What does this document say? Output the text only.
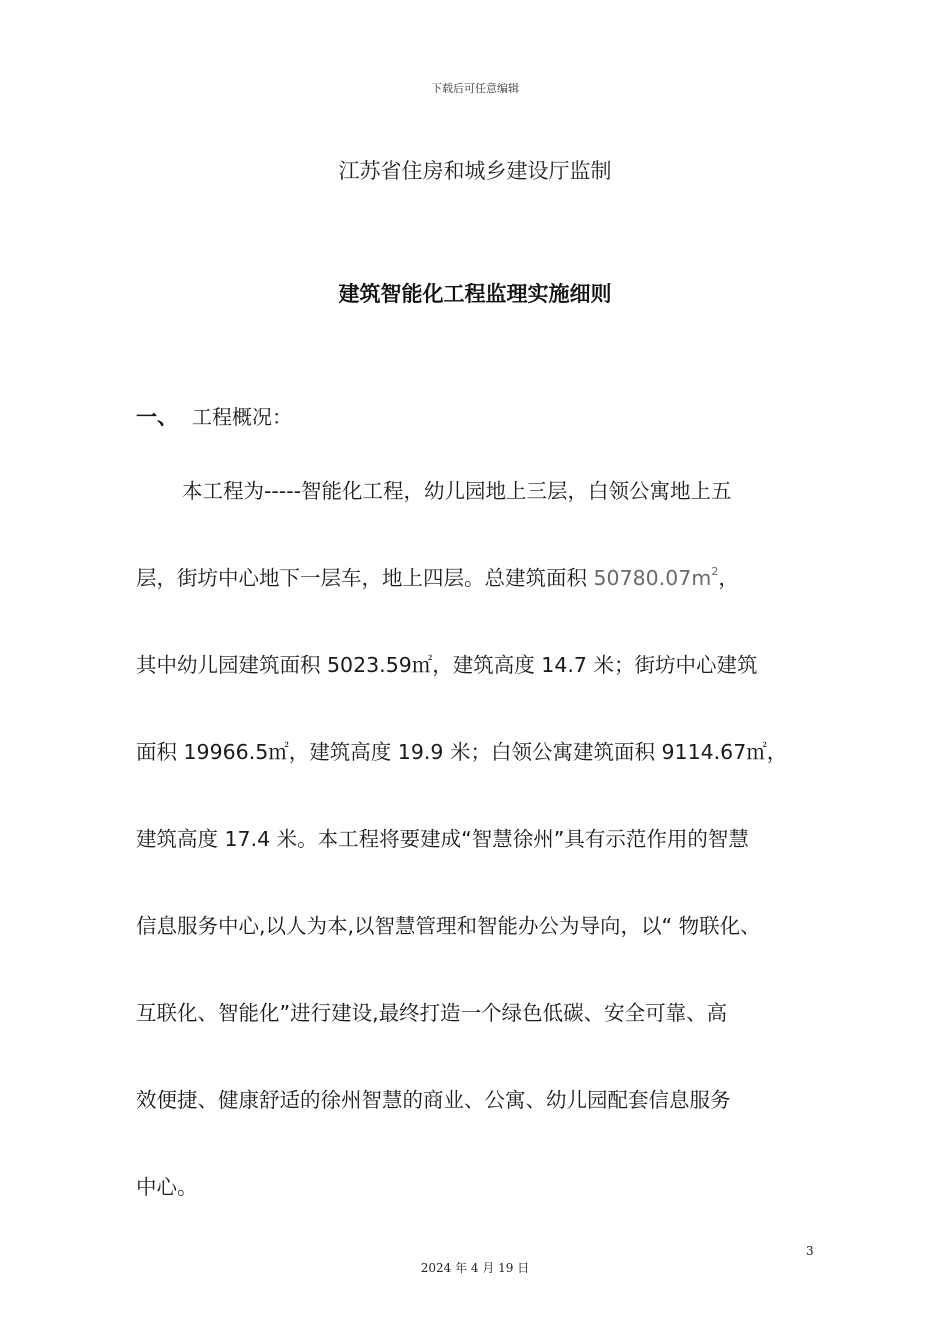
下载后可任意编辑
江苏省住房和城乡建设厅监制
建筑智能化工程监理实施细则
一、 工程概况：
本工程为-----智能化工程，幼儿园地上三层，白领公寓地上五
层，街坊中心地下一层车，地上四层。总建筑面积 $50780.07m^2$，
其中幼儿园建筑面积 5023.59㎡，建筑高度 14.7 米；街坊中心建筑
面积 19966.5㎡，建筑高度 19.9 米；白领公寓建筑面积 9114.67㎡，
建筑高度 17.4 米。本工程将要建成“智慧徐州”具有示范作用的智慧
信息服务中心,以人为本,以智慧管理和智能办公为导向，以“ 物联化、
互联化、智能化”进行建设,最终打造一个绿色低碳、安全可靠、高
效便捷、健康舒适的徐州智慧的商业、公寓、幼儿园配套信息服务
中心。
3
2024 年 4 月 19 日
